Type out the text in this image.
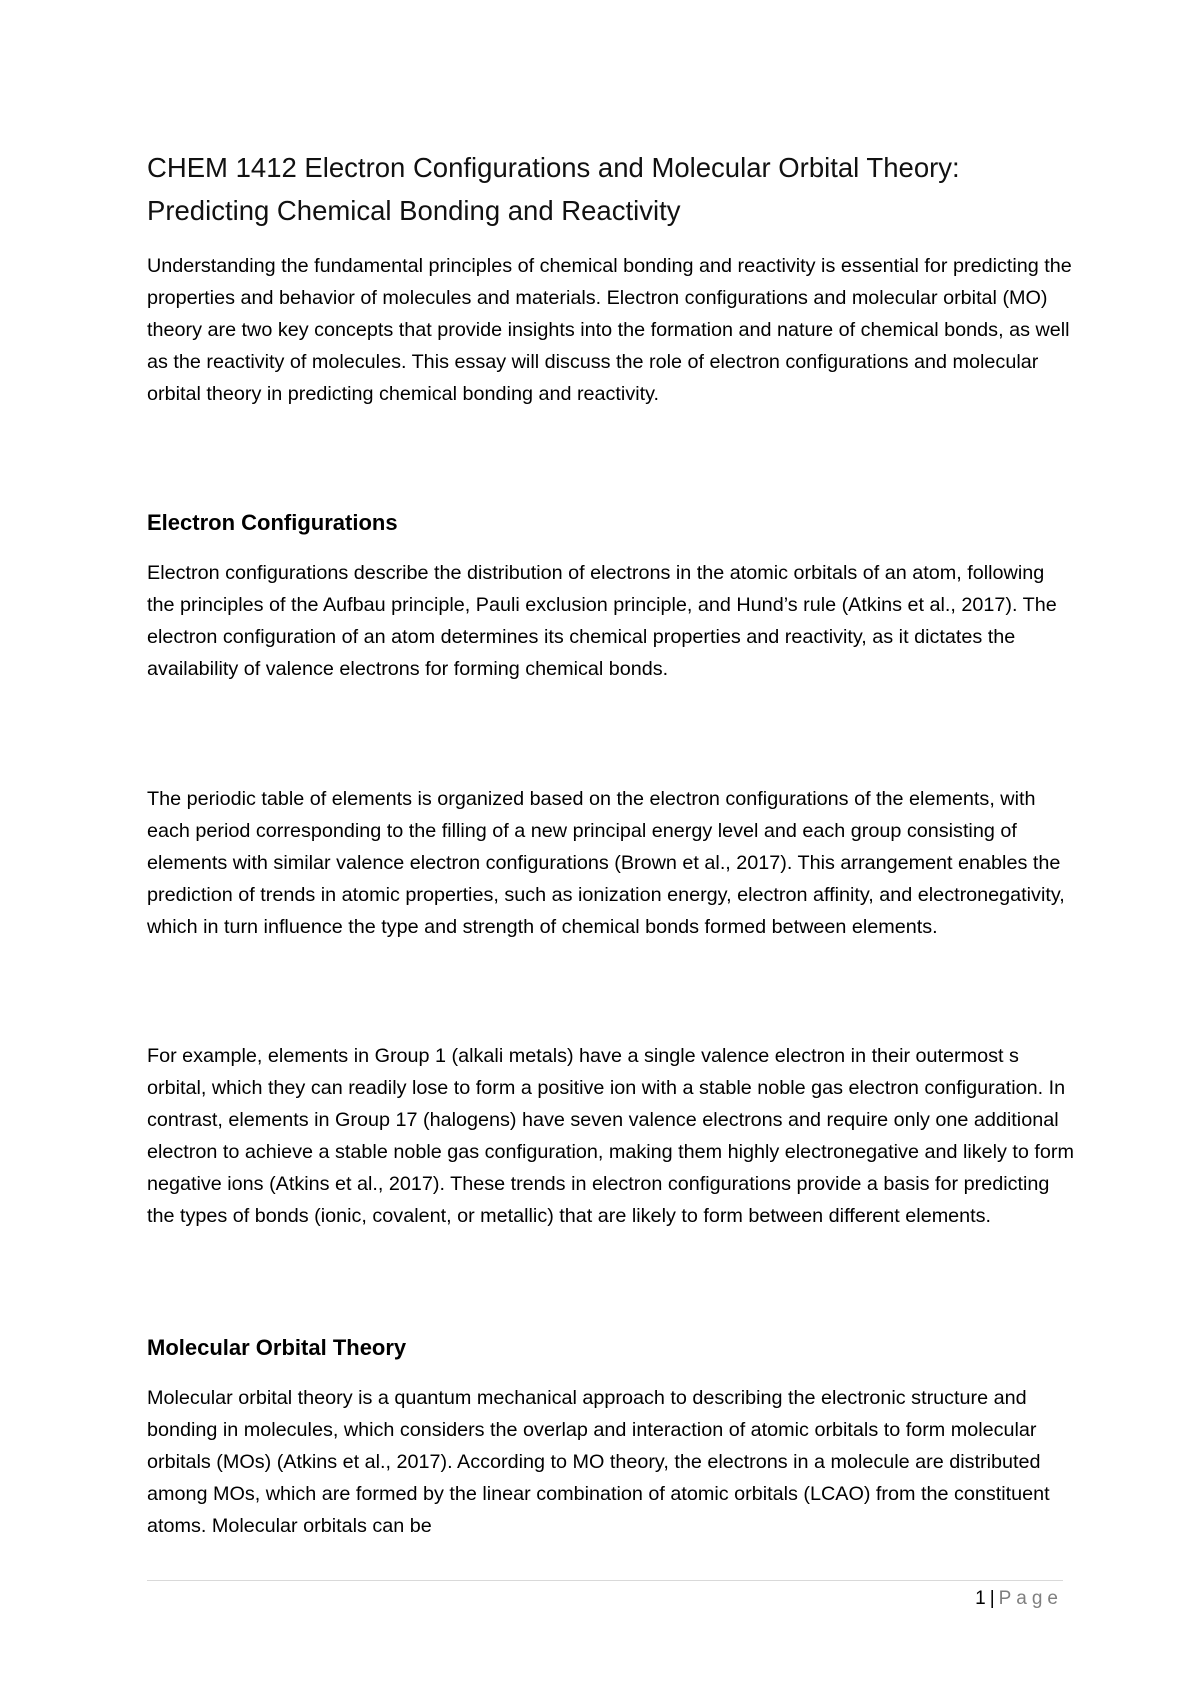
CHEM 1412 Electron Configurations and Molecular Orbital Theory: Predicting Chemical Bonding and Reactivity

Understanding the fundamental principles of chemical bonding and reactivity is essential for predicting the properties and behavior of molecules and materials. Electron configurations and molecular orbital (MO) theory are two key concepts that provide insights into the formation and nature of chemical bonds, as well as the reactivity of molecules. This essay will discuss the role of electron configurations and molecular orbital theory in predicting chemical bonding and reactivity.

Electron Configurations

Electron configurations describe the distribution of electrons in the atomic orbitals of an atom, following the principles of the Aufbau principle, Pauli exclusion principle, and Hund’s rule (Atkins et al., 2017). The electron configuration of an atom determines its chemical properties and reactivity, as it dictates the availability of valence electrons for forming chemical bonds.

The periodic table of elements is organized based on the electron configurations of the elements, with each period corresponding to the filling of a new principal energy level and each group consisting of elements with similar valence electron configurations (Brown et al., 2017). This arrangement enables the prediction of trends in atomic properties, such as ionization energy, electron affinity, and electronegativity, which in turn influence the type and strength of chemical bonds formed between elements.

For example, elements in Group 1 (alkali metals) have a single valence electron in their outermost s orbital, which they can readily lose to form a positive ion with a stable noble gas electron configuration. In contrast, elements in Group 17 (halogens) have seven valence electrons and require only one additional electron to achieve a stable noble gas configuration, making them highly electronegative and likely to form negative ions (Atkins et al., 2017). These trends in electron configurations provide a basis for predicting the types of bonds (ionic, covalent, or metallic) that are likely to form between different elements.

Molecular Orbital Theory

Molecular orbital theory is a quantum mechanical approach to describing the electronic structure and bonding in molecules, which considers the overlap and interaction of atomic orbitals to form molecular orbitals (MOs) (Atkins et al., 2017). According to MO theory, the electrons in a molecule are distributed among MOs, which are formed by the linear combination of atomic orbitals (LCAO) from the constituent atoms. Molecular orbitals can be

1 | Page
